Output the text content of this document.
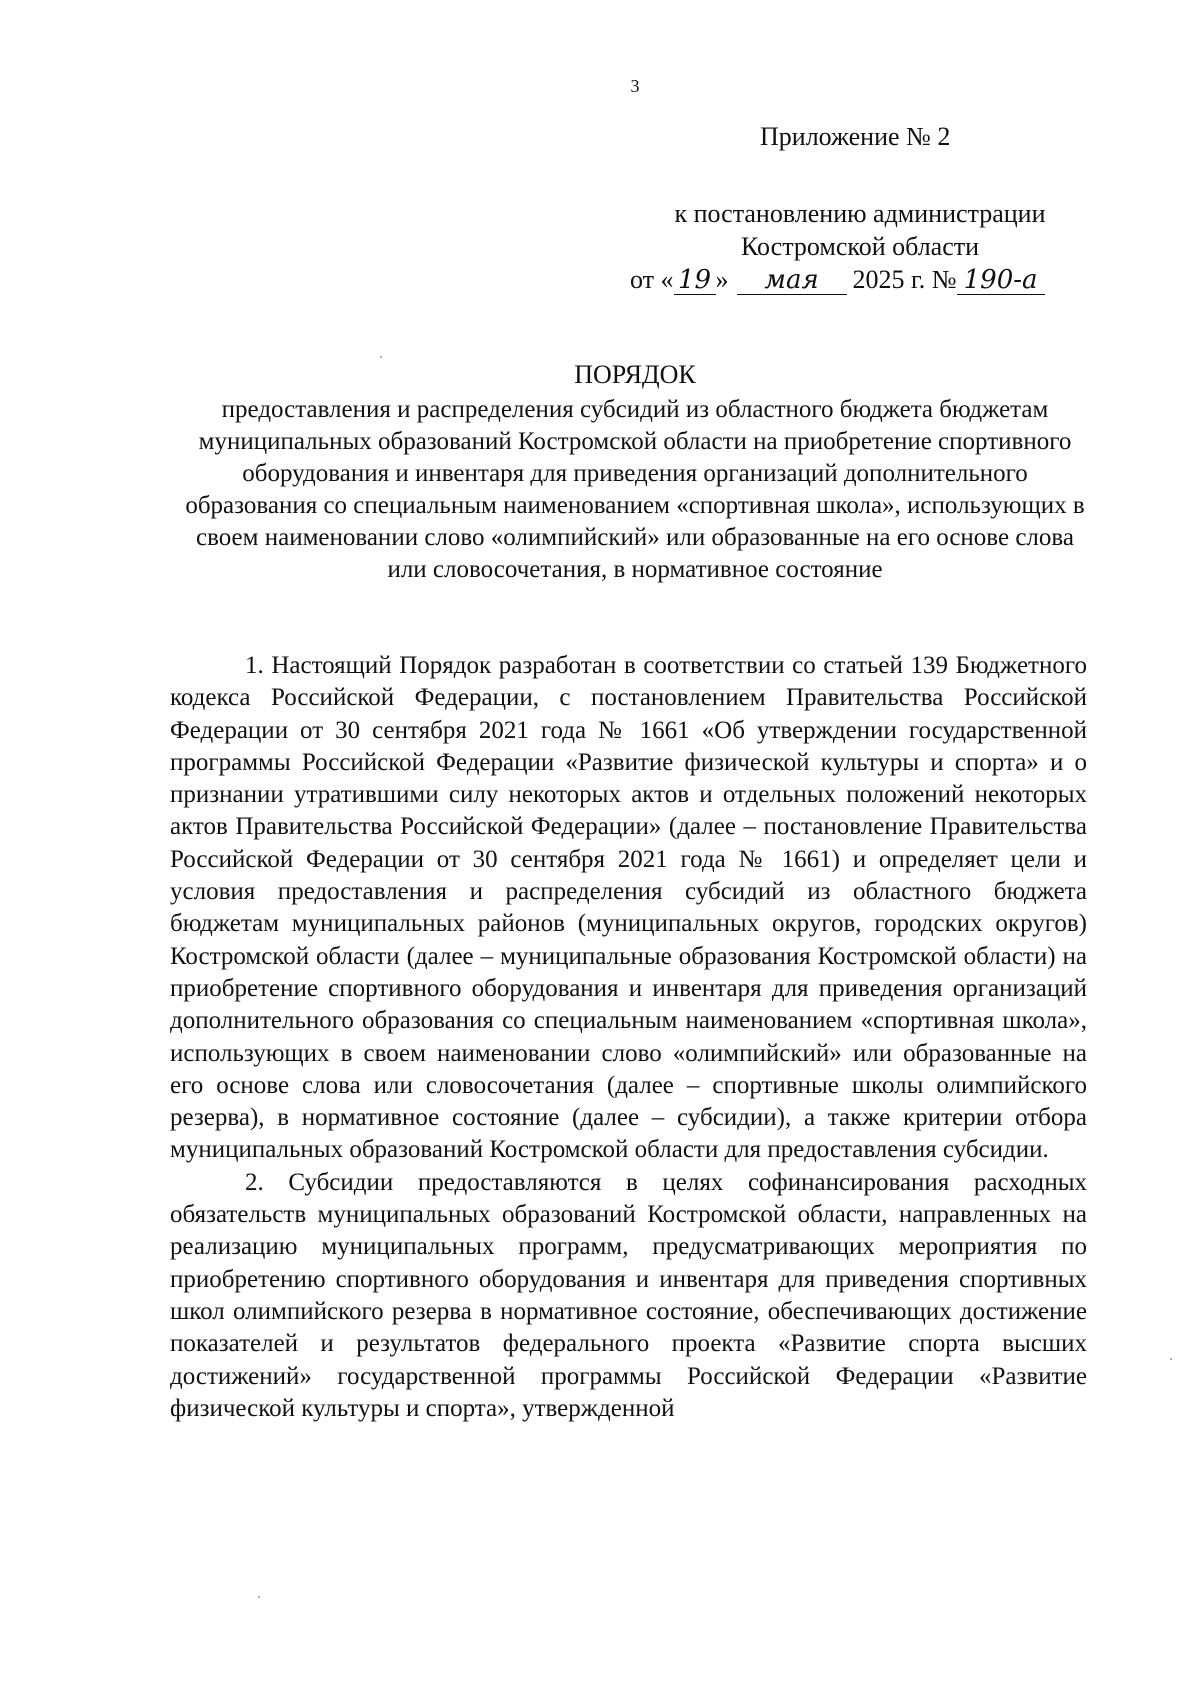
3
Приложение № 2
к постановлению администрации
Костромской области
от « 19 » мая 2025 г. № 190-а
ПОРЯДОК
предоставления и распределения субсидий из областного бюджета бюджетам муниципальных образований Костромской области на приобретение спортивного оборудования и инвентаря для приведения организаций дополнительного образования со специальным наименованием «спортивная школа», использующих в своем наименовании слово «олимпийский» или образованные на его основе слова или словосочетания, в нормативное состояние

1. Настоящий Порядок разработан в соответствии со статьей 139 Бюджетного кодекса Российской Федерации, с постановлением Правительства Российской Федерации от 30 сентября 2021 года № 1661 «Об утверждении государственной программы Российской Федерации «Развитие физической культуры и спорта» и о признании утратившими силу некоторых актов и отдельных положений некоторых актов Правительства Российской Федерации» (далее – постановление Правительства Российской Федерации от 30 сентября 2021 года № 1661) и определяет цели и условия предоставления и распределения субсидий из областного бюджета бюджетам муниципальных районов (муниципальных округов, городских округов) Костромской области (далее – муниципальные образования Костромской области) на приобретение спортивного оборудования и инвентаря для приведения организаций дополнительного образования со специальным наименованием «спортивная школа», использующих в своем наименовании слово «олимпийский» или образованные на его основе слова или словосочетания (далее – спортивные школы олимпийского резерва), в нормативное состояние (далее – субсидии), а также критерии отбора муниципальных образований Костромской области для предоставления субсидии.

2. Субсидии предоставляются в целях софинансирования расходных обязательств муниципальных образований Костромской области, направленных на реализацию муниципальных программ, предусматривающих мероприятия по приобретению спортивного оборудования и инвентаря для приведения спортивных школ олимпийского резерва в нормативное состояние, обеспечивающих достижение показателей и результатов федерального проекта «Развитие спорта высших достижений» государственной программы Российской Федерации «Развитие физической культуры и спорта», утвержденной
